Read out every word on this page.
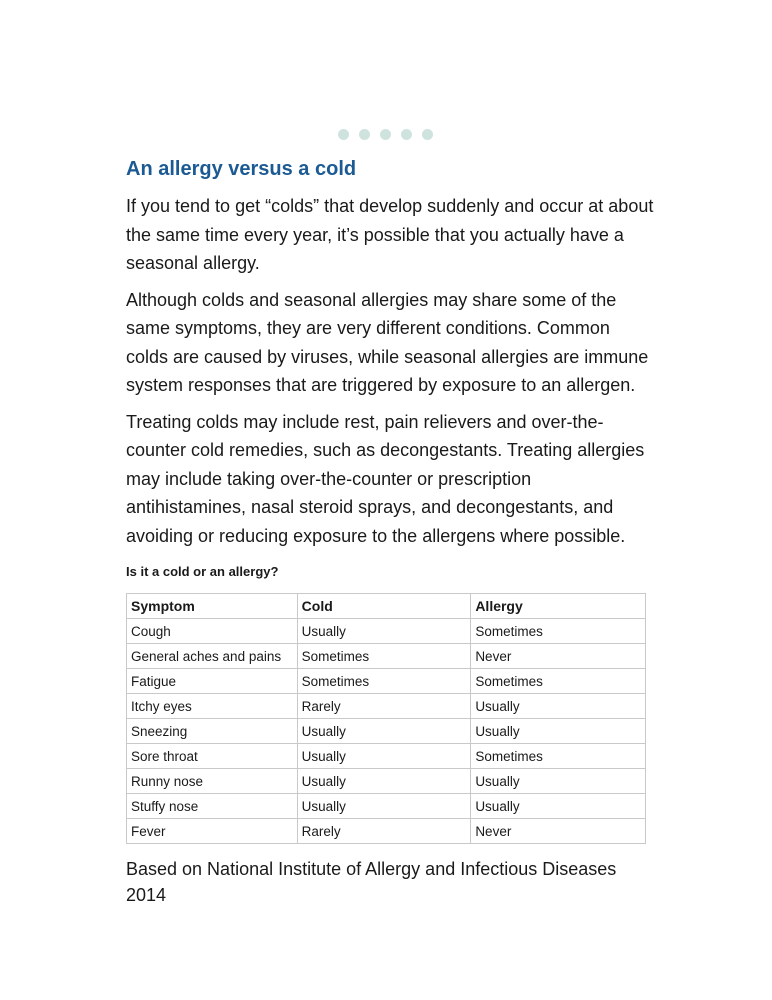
An allergy versus a cold

If you tend to get “colds” that develop suddenly and occur at about the same time every year, it’s possible that you actually have a seasonal allergy.

Although colds and seasonal allergies may share some of the same symptoms, they are very different conditions. Common colds are caused by viruses, while seasonal allergies are immune system responses that are triggered by exposure to an allergen.

Treating colds may include rest, pain relievers and over-the-counter cold remedies, such as decongestants. Treating allergies may include taking over-the-counter or prescription antihistamines, nasal steroid sprays, and decongestants, and avoiding or reducing exposure to the allergens where possible.

Is it a cold or an allergy?
Symptom	Cold	Allergy
Cough	Usually	Sometimes
General aches and pains	Sometimes	Never
Fatigue	Sometimes	Sometimes
Itchy eyes	Rarely	Usually
Sneezing	Usually	Usually
Sore throat	Usually	Sometimes
Runny nose	Usually	Usually
Stuffy nose	Usually	Usually
Fever	Rarely	Never
Based on National Institute of Allergy and Infectious Diseases 2014
